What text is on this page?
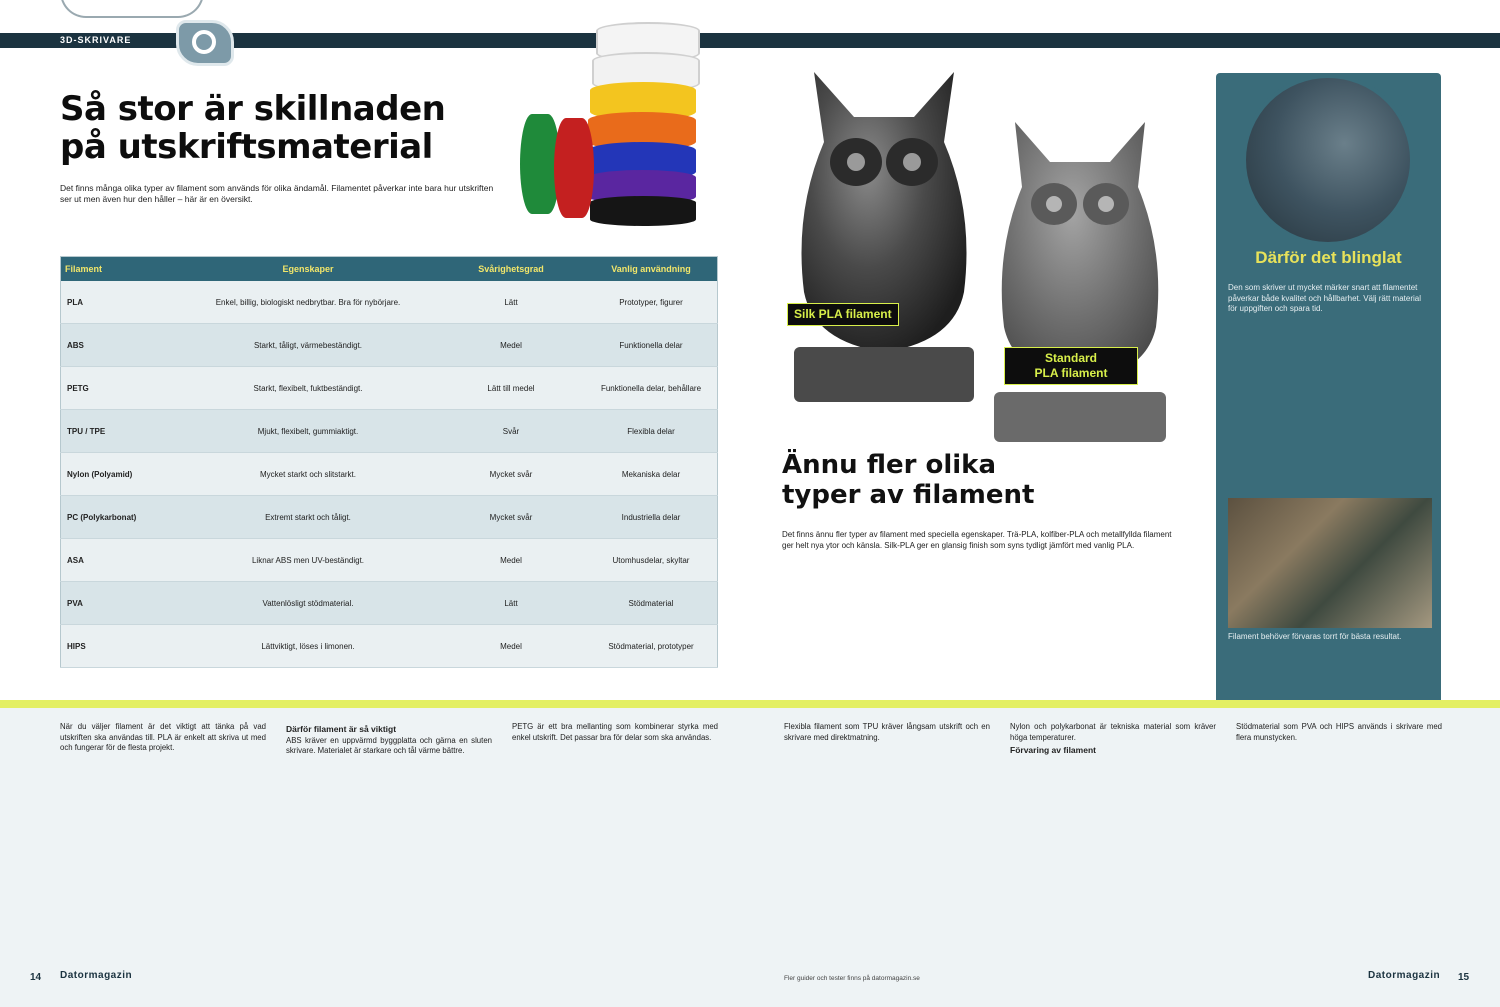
3D-SKRIVARE
Så stor är skillnaden
på utskriftsmaterial
Det finns många olika typer av filament som används för olika ändamål. Filamentet påverkar inte bara hur utskriften ser ut men även hur den håller – här är en översikt.
Filament	Egenskaper	Svårighetsgrad	Vanlig användning
PLA	Enkel, billig, biologiskt nedbrytbar. Bra för nybörjare.	Lätt	Prototyper, figurer
ABS	Starkt, tåligt, värmebeständigt.	Medel	Funktionella delar
PETG	Starkt, flexibelt, fuktbeständigt.	Lätt till medel	Funktionella delar, behållare
TPU / TPE	Mjukt, flexibelt, gummiaktigt.	Svår	Flexibla delar
Nylon (Polyamid)	Mycket starkt och slitstarkt.	Mycket svår	Mekaniska delar
PC (Polykarbonat)	Extremt starkt och tåligt.	Mycket svår	Industriella delar
ASA	Liknar ABS men UV-beständigt.	Medel	Utomhusdelar, skyltar
PVA	Vattenlösligt stödmaterial.	Lätt	Stödmaterial
HIPS	Lättviktigt, löses i limonen.	Medel	Stödmaterial, prototyper
Silk PLA filament
Standard
PLA filament
Ännu fler olika
typer av filament
Det finns ännu fler typer av filament med speciella egenskaper. Trä-PLA, kolfiber-PLA och metallfyllda filament ger helt nya ytor och känsla. Silk-PLA ger en glansig finish som syns tydligt jämfört med vanlig PLA.
Därför det blinglat
Den som skriver ut mycket märker snart att filamentet påverkar både kvalitet och hållbarhet. Välj rätt material för uppgiften och spara tid.
Filament behöver förvaras torrt för bästa resultat.
När du väljer filament är det viktigt att tänka på vad utskriften ska användas till. PLA är enkelt att skriva ut med och fungerar för de flesta projekt.
Därför filament är så viktigt
ABS kräver en uppvärmd byggplatta och gärna en sluten skrivare. Materialet är starkare och tål värme bättre.
PETG är ett bra mellanting som kombinerar styrka med enkel utskrift. Det passar bra för delar som ska användas.
Flexibla filament som TPU kräver långsam utskrift och en skrivare med direktmatning.
Nylon och polykarbonat är tekniska material som kräver höga temperaturer.
Förvaring av filament
Stödmaterial som PVA och HIPS används i skrivare med flera munstycken.
14 Datormagazin	Fler guider och tester finns på datormagazin.se	Datormagazin 15
